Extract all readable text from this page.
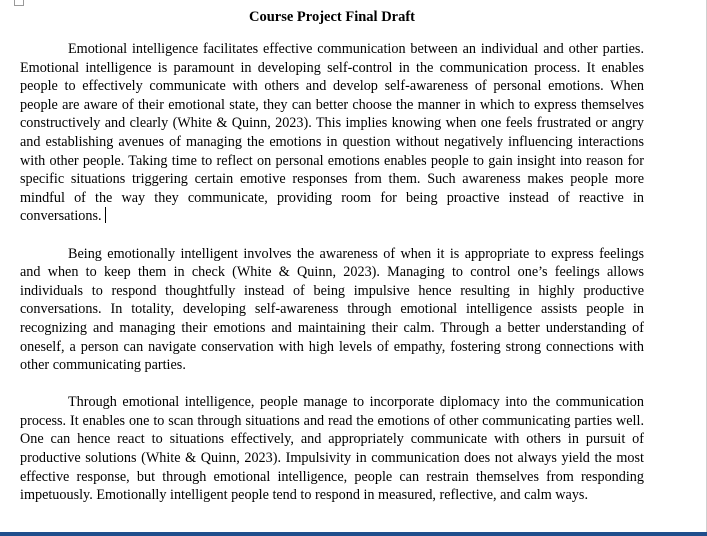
Course Project Final Draft

Emotional intelligence facilitates effective communication between an individual and other parties. Emotional intelligence is paramount in developing self-control in the communication process. It enables people to effectively communicate with others and develop self-awareness of personal emotions. When people are aware of their emotional state, they can better choose the manner in which to express themselves constructively and clearly (White & Quinn, 2023). This implies knowing when one feels frustrated or angry and establishing avenues of managing the emotions in question without negatively influencing interactions with other people. Taking time to reflect on personal emotions enables people to gain insight into reason for specific situations triggering certain emotive responses from them. Such awareness makes people more mindful of the way they communicate, providing room for being proactive instead of reactive in conversations.

Being emotionally intelligent involves the awareness of when it is appropriate to express feelings and when to keep them in check (White & Quinn, 2023). Managing to control one’s feelings allows individuals to respond thoughtfully instead of being impulsive hence resulting in highly productive conversations. In totality, developing self-awareness through emotional intelligence assists people in recognizing and managing their emotions and maintaining their calm. Through a better understanding of oneself, a person can navigate conservation with high levels of empathy, fostering strong connections with other communicating parties.

Through emotional intelligence, people manage to incorporate diplomacy into the communication process. It enables one to scan through situations and read the emotions of other communicating parties well. One can hence react to situations effectively, and appropriately communicate with others in pursuit of productive solutions (White & Quinn, 2023). Impulsivity in communication does not always yield the most effective response, but through emotional intelligence, people can restrain themselves from responding impetuously. Emotionally intelligent people tend to respond in measured, reflective, and calm ways.
